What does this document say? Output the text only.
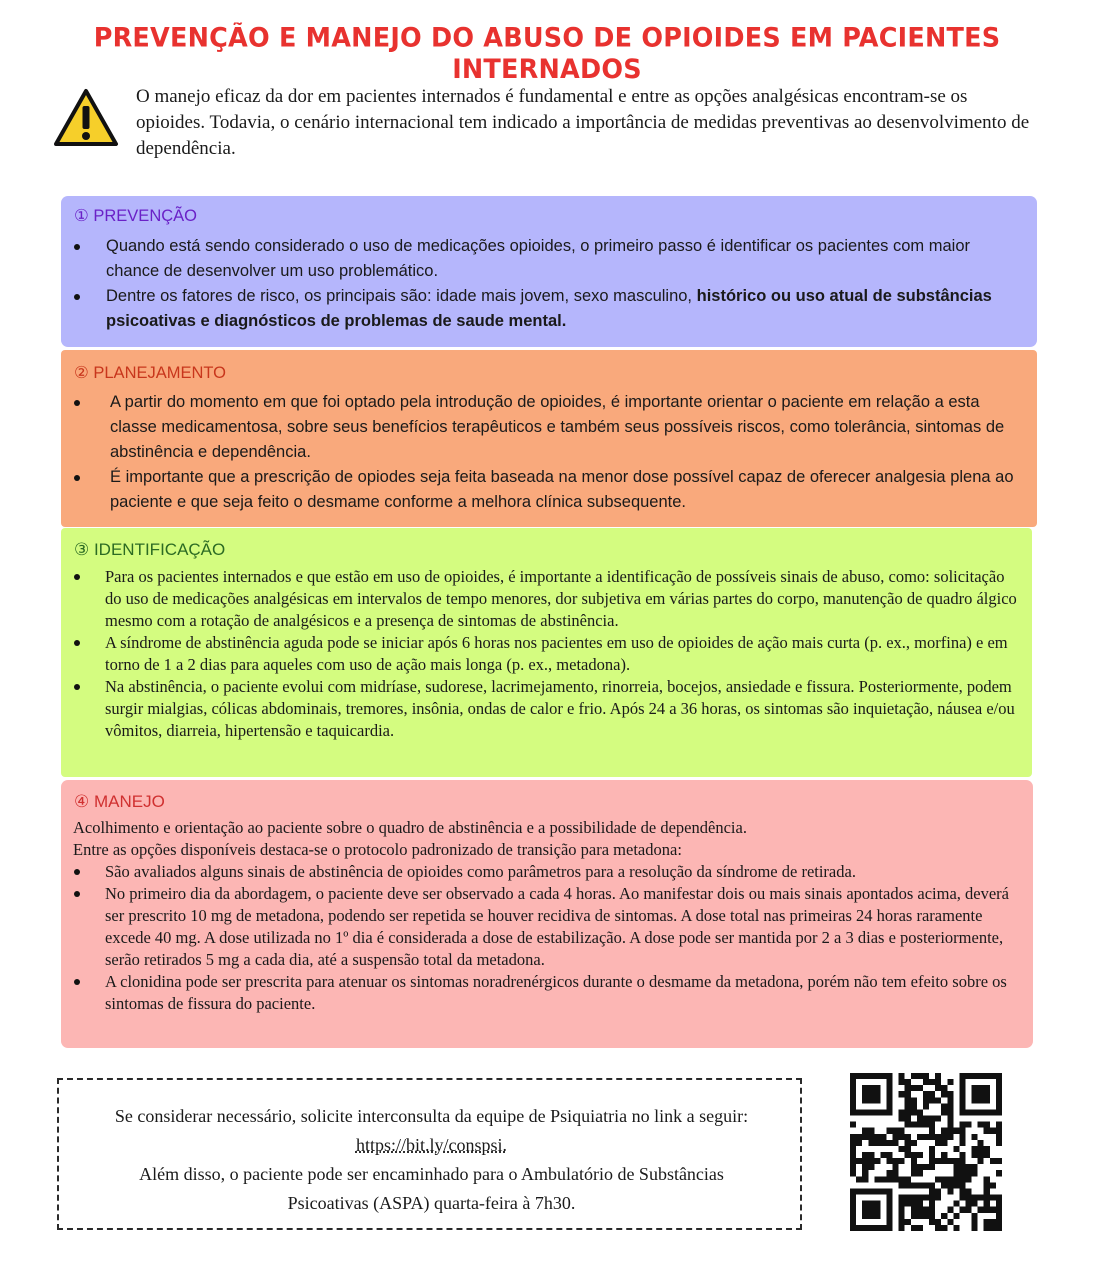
PREVENÇÃO E MANEJO DO ABUSO DE OPIOIDES EM PACIENTES INTERNADOS
O manejo eficaz da dor em pacientes internados é fundamental e entre as opções analgésicas encontram-se os opioides. Todavia, o cenário internacional tem indicado a importância de medidas preventivas ao desenvolvimento de dependência.
① PREVENÇÃO
Quando está sendo considerado o uso de medicações opioides, o primeiro passo é identificar os pacientes com maior chance de desenvolver um uso problemático.
Dentre os fatores de risco, os principais são: idade mais jovem, sexo masculino, histórico ou uso atual de substâncias psicoativas e diagnósticos de problemas de saude mental.
② PLANEJAMENTO
A partir do momento em que foi optado pela introdução de opioides, é importante orientar o paciente em relação a esta classe medicamentosa, sobre seus benefícios terapêuticos e também seus possíveis riscos, como tolerância, sintomas de abstinência e dependência.
É importante que a prescrição de opiodes seja feita baseada na menor dose possível capaz de oferecer analgesia plena ao paciente e que seja feito o desmame conforme a melhora clínica subsequente.
③ IDENTIFICAÇÃO
Para os pacientes internados e que estão em uso de opioides, é importante a identificação de possíveis sinais de abuso, como: solicitação do uso de medicações analgésicas em intervalos de tempo menores, dor subjetiva em várias partes do corpo, manutenção de quadro álgico mesmo com a rotação de analgésicos e a presença de sintomas de abstinência.
A síndrome de abstinência aguda pode se iniciar após 6 horas nos pacientes em uso de opioides de ação mais curta (p. ex., morfina) e em torno de 1 a 2 dias para aqueles com uso de ação mais longa (p. ex., metadona).
Na abstinência, o paciente evolui com midríase, sudorese, lacrimejamento, rinorreia, bocejos, ansiedade e fissura. Posteriormente, podem surgir mialgias, cólicas abdominais, tremores, insônia, ondas de calor e frio. Após 24 a 36 horas, os sintomas são inquietação, náusea e/ou vômitos, diarreia, hipertensão e taquicardia.
④ MANEJO
Acolhimento e orientação ao paciente sobre o quadro de abstinência e a possibilidade de dependência.
Entre as opções disponíveis destaca-se o protocolo padronizado de transição para metadona:
São avaliados alguns sinais de abstinência de opioides como parâmetros para a resolução da síndrome de retirada.
No primeiro dia da abordagem, o paciente deve ser observado a cada 4 horas. Ao manifestar dois ou mais sinais apontados acima, deverá ser prescrito 10 mg de metadona, podendo ser repetida se houver recidiva de sintomas. A dose total nas primeiras 24 horas raramente excede 40 mg. A dose utilizada no 1º dia é considerada a dose de estabilização. A dose pode ser mantida por 2 a 3 dias e posteriormente, serão retirados 5 mg a cada dia, até a suspensão total da metadona.
A clonidina pode ser prescrita para atenuar os sintomas noradrenérgicos durante o desmame da metadona, porém não tem efeito sobre os sintomas de fissura do paciente.
Se considerar necessário, solicite interconsulta da equipe de Psiquiatria no link a seguir:
https://bit.ly/conspsi.
Além disso, o paciente pode ser encaminhado para o Ambulatório de Substâncias
Psicoativas (ASPA) quarta-feira à 7h30.
